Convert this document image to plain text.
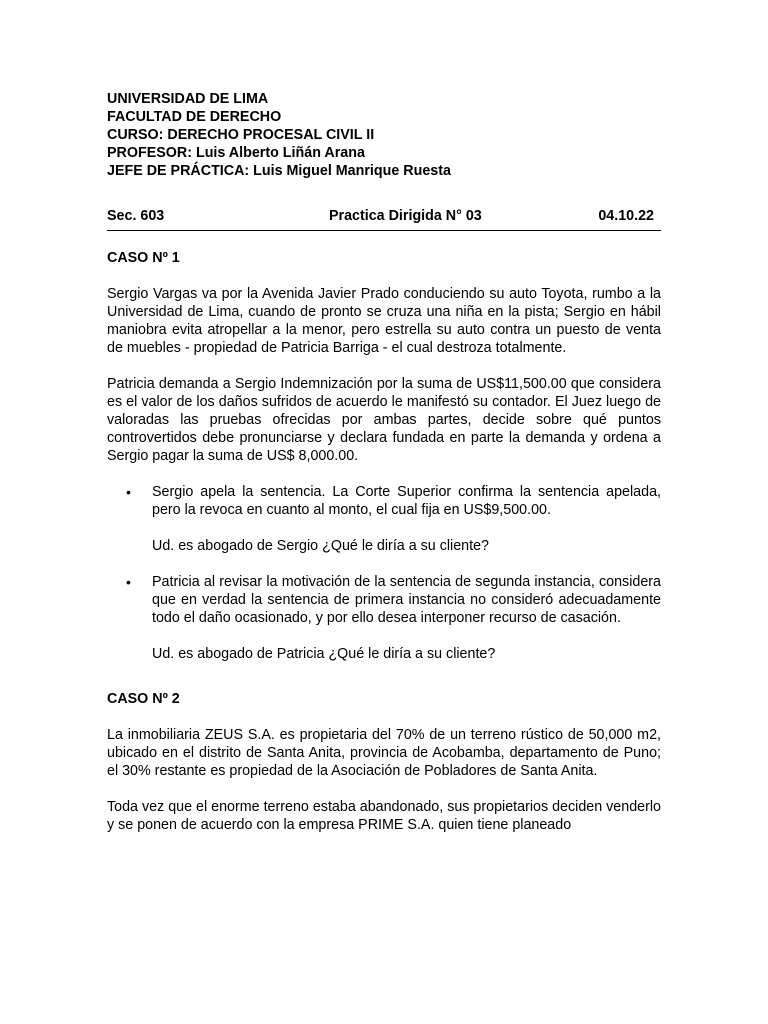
UNIVERSIDAD DE LIMA
FACULTAD DE DERECHO
CURSO: DERECHO PROCESAL CIVIL II
PROFESOR: Luis Alberto Liñán Arana
JEFE DE PRÁCTICA: Luis Miguel Manrique Ruesta
Sec. 603	Practica Dirigida N° 03	04.10.22
CASO Nº 1

Sergio Vargas va por la Avenida Javier Prado conduciendo su auto Toyota, rumbo a la Universidad de Lima, cuando de pronto se cruza una niña en la pista; Sergio en hábil maniobra evita atropellar a la menor, pero estrella su auto contra un puesto de venta de muebles - propiedad de Patricia Barriga - el cual destroza totalmente.

Patricia demanda a Sergio Indemnización por la suma de US$11,500.00 que considera es el valor de los daños sufridos de acuerdo le manifestó su contador. El Juez luego de valoradas las pruebas ofrecidas por ambas partes, decide sobre qué puntos controvertidos debe pronunciarse y declara fundada en parte la demanda y ordena a Sergio pagar la suma de US$ 8,000.00.

• Sergio apela la sentencia. La Corte Superior confirma la sentencia apelada, pero la revoca en cuanto al monto, el cual fija en US$9,500.00.
Ud. es abogado de Sergio ¿Qué le diría a su cliente?
• Patricia al revisar la motivación de la sentencia de segunda instancia, considera que en verdad la sentencia de primera instancia no consideró adecuadamente todo el daño ocasionado, y por ello desea interponer recurso de casación.
Ud. es abogado de Patricia ¿Qué le diría a su cliente?
CASO Nº 2

La inmobiliaria ZEUS S.A. es propietaria del 70% de un terreno rústico de 50,000 m2, ubicado en el distrito de Santa Anita, provincia de Acobamba, departamento de Puno; el 30% restante es propiedad de la Asociación de Pobladores de Santa Anita.

Toda vez que el enorme terreno estaba abandonado, sus propietarios deciden venderlo y se ponen de acuerdo con la empresa PRIME S.A. quien tiene planeado
